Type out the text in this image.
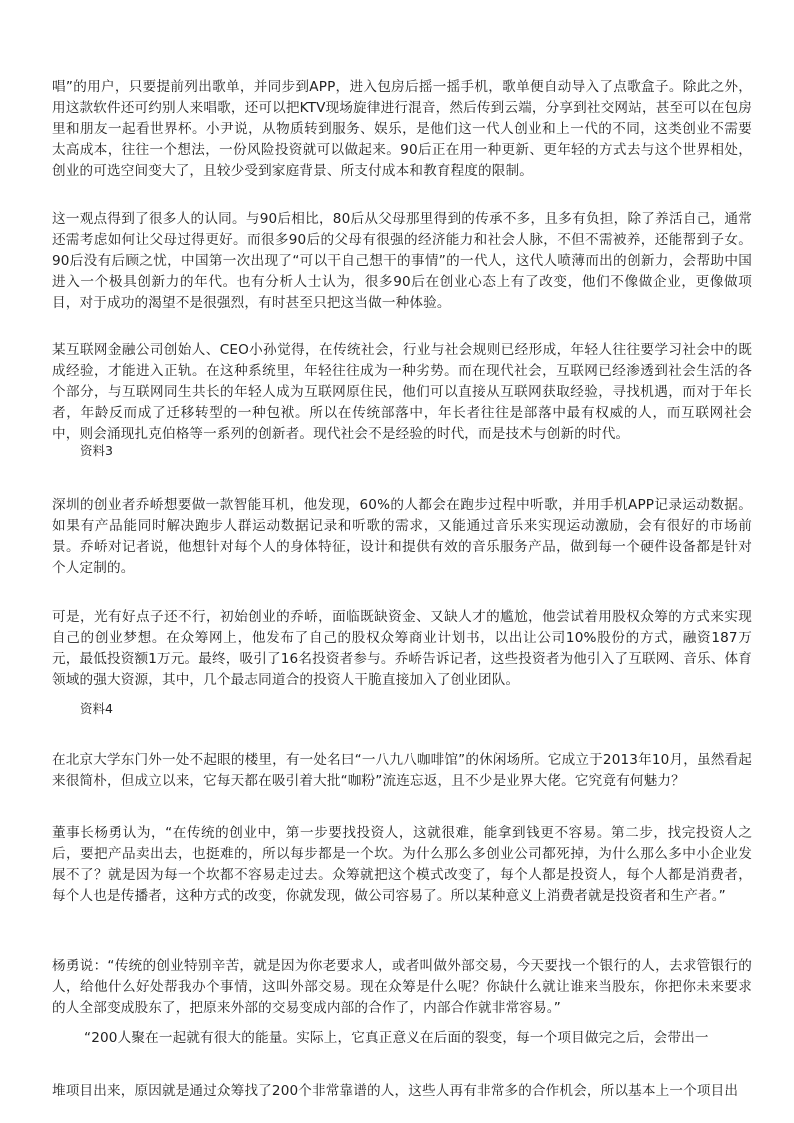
唱”的用户，只要提前列出歌单，并同步到APP，进入包房后摇一摇手机，歌单便自动导入了点歌盒子。除此之外，用这款软件还可约别人来唱歌，还可以把KTV现场旋律进行混音，然后传到云端，分享到社交网站，甚至可以在包房里和朋友一起看世界杯。小尹说，从物质转到服务、娱乐，是他们这一代人创业和上一代的不同，这类创业不需要太高成本，往往一个想法，一份风险投资就可以做起来。90后正在用一种更新、更年轻的方式去与这个世界相处，创业的可选空间变大了，且较少受到家庭背景、所支付成本和教育程度的限制。

这一观点得到了很多人的认同。与90后相比，80后从父母那里得到的传承不多，且多有负担，除了养活自己，通常还需考虑如何让父母过得更好。而很多90后的父母有很强的经济能力和社会人脉，不但不需被养，还能帮到子女。90后没有后顾之忧，中国第一次出现了“可以干自己想干的事情”的一代人，这代人喷薄而出的创新力，会帮助中国进入一个极具创新力的年代。也有分析人士认为，很多90后在创业心态上有了改变，他们不像做企业，更像做项目，对于成功的渴望不是很强烈，有时甚至只把这当做一种体验。

某互联网金融公司创始人、CEO小孙觉得，在传统社会，行业与社会规则已经形成，年轻人往往要学习社会中的既成经验，才能进入正轨。在这种系统里，年轻往往成为一种劣势。而在现代社会，互联网已经渗透到社会生活的各个部分，与互联网同生共长的年轻人成为互联网原住民，他们可以直接从互联网获取经验，寻找机遇，而对于年长者，年龄反而成了迁移转型的一种包袱。所以在传统部落中，年长者往往是部落中最有权威的人，而互联网社会中，则会涌现扎克伯格等一系列的创新者。现代社会不是经验的时代，而是技术与创新的时代。

资料3

深圳的创业者乔峤想要做一款智能耳机，他发现，60%的人都会在跑步过程中听歌，并用手机APP记录运动数据。如果有产品能同时解决跑步人群运动数据记录和听歌的需求，又能通过音乐来实现运动激励，会有很好的市场前景。乔峤对记者说，他想针对每个人的身体特征，设计和提供有效的音乐服务产品，做到每一个硬件设备都是针对个人定制的。

可是，光有好点子还不行，初始创业的乔峤，面临既缺资金、又缺人才的尴尬，他尝试着用股权众筹的方式来实现自己的创业梦想。在众筹网上，他发布了自己的股权众筹商业计划书，以出让公司10%股份的方式，融资187万元，最低投资额1万元。最终，吸引了16名投资者参与。乔峤告诉记者，这些投资者为他引入了互联网、音乐、体育领域的强大资源，其中，几个最志同道合的投资人干脆直接加入了创业团队。

资料4

在北京大学东门外一处不起眼的楼里，有一处名曰“一八九八咖啡馆”的休闲场所。它成立于2013年10月，虽然看起来很简朴，但成立以来，它每天都在吸引着大批“咖粉”流连忘返，且不少是业界大佬。它究竟有何魅力？

董事长杨勇认为，“在传统的创业中，第一步要找投资人，这就很难，能拿到钱更不容易。第二步，找完投资人之后，要把产品卖出去，也挺难的，所以每步都是一个坎。为什么那么多创业公司都死掉，为什么那么多中小企业发展不了？就是因为每一个坎都不容易走过去。众筹就把这个模式改变了，每个人都是投资人，每个人都是消费者，每个人也是传播者，这种方式的改变，你就发现，做公司容易了。所以某种意义上消费者就是投资者和生产者。”

杨勇说：“传统的创业特别辛苦，就是因为你老要求人，或者叫做外部交易，今天要找一个银行的人，去求管银行的人，给他什么好处帮我办个事情，这叫外部交易。现在众筹是什么呢？你缺什么就让谁来当股东，你把你未来要求的人全部变成股东了，把原来外部的交易变成内部的合作了，内部合作就非常容易。”

“200人聚在一起就有很大的能量。实际上，它真正意义在后面的裂变，每一个项目做完之后，会带出一

堆项目出来，原因就是通过众筹找了200个非常靠谱的人，这些人再有非常多的合作机会，所以基本上一个项目出
